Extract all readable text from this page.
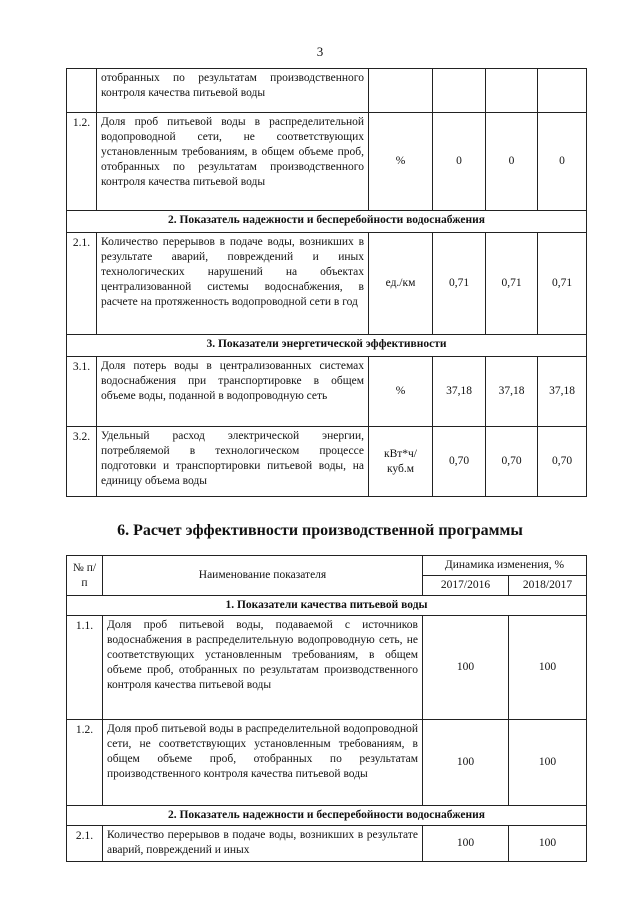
3
	отобранных по результатам производственного контроля качества питьевой воды				
1.2.	Доля проб питьевой воды в распределительной водопроводной сети, не соответствующих установленным требованиям, в общем объеме проб, отобранных по результатам производственного контроля качества питьевой воды	%	0	0	0
2. Показатель надежности и бесперебойности водоснабжения					
2.1.	Количество перерывов в подаче воды, возникших в результате аварий, повреждений и иных технологических нарушений на объектах централизованной системы водоснабжения, в расчете на протяженность водопроводной сети в год	ед./км	0,71	0,71	0,71
3. Показатели энергетической эффективности					
3.1.	Доля потерь воды в централизованных системах водоснабжения при транспортировке в общем объеме воды, поданной в водопроводную сеть	%	37,18	37,18	37,18
3.2.	Удельный расход электрической энергии, потребляемой в технологическом процессе подготовки и транспортировки питьевой воды, на единицу объема воды	кВт*ч/ куб.м	0,70	0,70	0,70
6. Расчет эффективности производственной программы
№ п/п	Наименование показателя	Динамика изменения, %	
		2017/2016	2018/2017
1. Показатели качества питьевой воды			
1.1.	Доля проб питьевой воды, подаваемой с источников водоснабжения в распределительную водопроводную сеть, не соответствующих установленным требованиям, в общем объеме проб, отобранных по результатам производственного контроля качества питьевой воды	100	100
1.2.	Доля проб питьевой воды в распределительной водопроводной сети, не соответствующих установленным требованиям, в общем объеме проб, отобранных по результатам производственного контроля качества питьевой воды	100	100
2. Показатель надежности и бесперебойности водоснабжения			
2.1.	Количество перерывов в подаче воды, возникших в результате аварий, повреждений и иных	100	100
